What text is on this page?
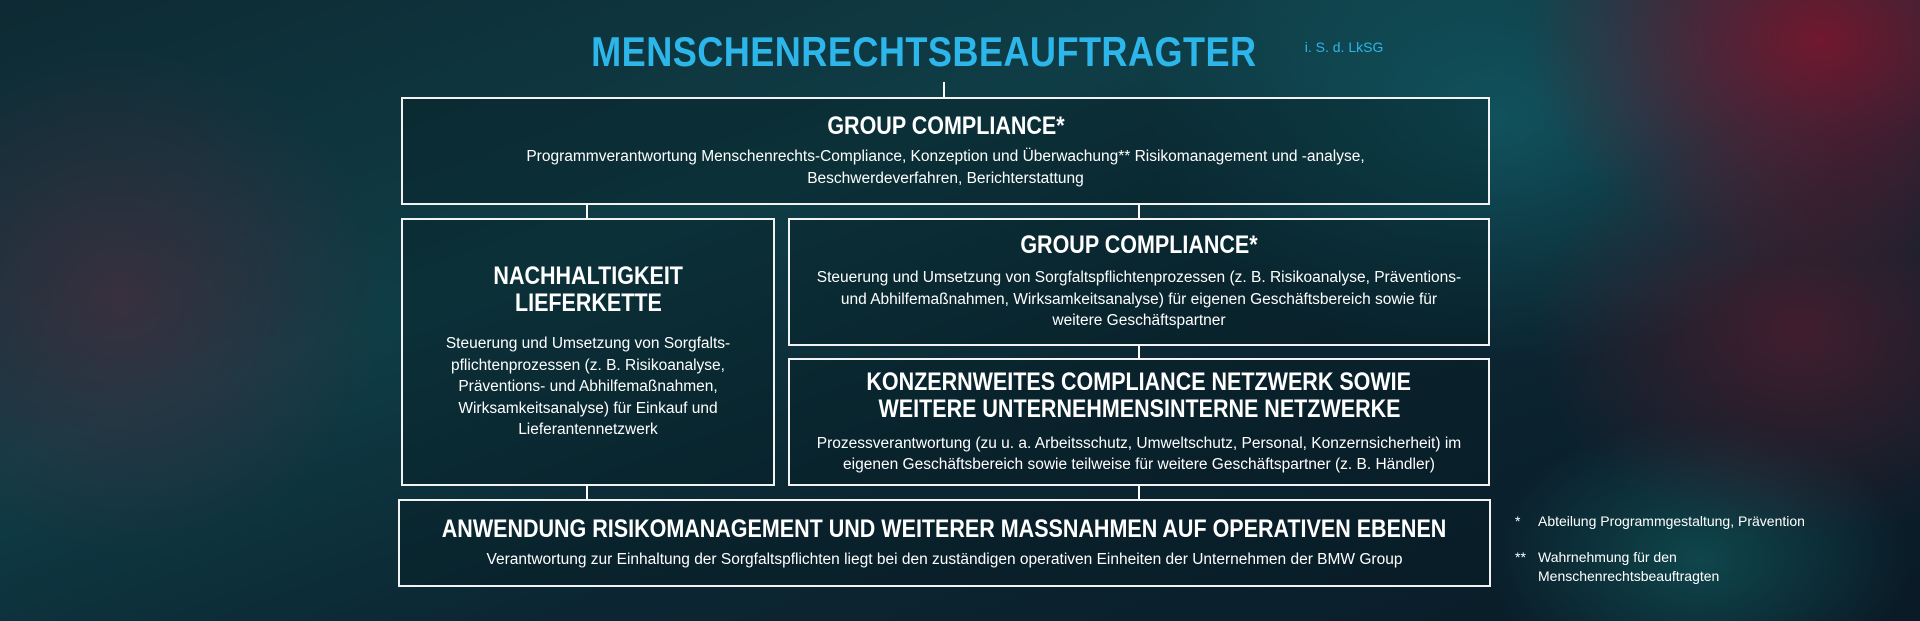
MENSCHENRECHTSBEAUFTRAGTER	i. S. d. LkSG
GROUP COMPLIANCE*
Programmverantwortung Menschenrechts-Compliance, Konzeption und Überwachung** Risikomanagement und -analyse,
Beschwerdeverfahren, Berichterstattung
NACHHALTIGKEIT
LIEFERKETTE
Steuerung und Umsetzung von Sorgfalts-
pflichtenprozessen (z. B. Risikoanalyse,
Präventions- und Abhilfemaßnahmen,
Wirksamkeitsanalyse) für Einkauf und
Lieferantennetzwerk
GROUP COMPLIANCE*
Steuerung und Umsetzung von Sorgfaltspflichtenprozessen (z. B. Risikoanalyse, Präventions-
und Abhilfemaßnahmen, Wirksamkeitsanalyse) für eigenen Geschäftsbereich sowie für
weitere Geschäftspartner
KONZERNWEITES COMPLIANCE NETZWERK SOWIE
WEITERE UNTERNEHMENSINTERNE NETZWERKE
Prozessverantwortung (zu u. a. Arbeitsschutz, Umweltschutz, Personal, Konzernsicherheit) im
eigenen Geschäftsbereich sowie teilweise für weitere Geschäftspartner (z. B. Händler)
ANWENDUNG RISIKOMANAGEMENT UND WEITERER MASSNAHMEN AUF OPERATIVEN EBENEN
Verantwortung zur Einhaltung der Sorgfaltspflichten liegt bei den zuständigen operativen Einheiten der Unternehmen der BMW Group
*	Abteilung Programmgestaltung, Prävention
** Wahrnehmung für den
Menschenrechtsbeauftragten
